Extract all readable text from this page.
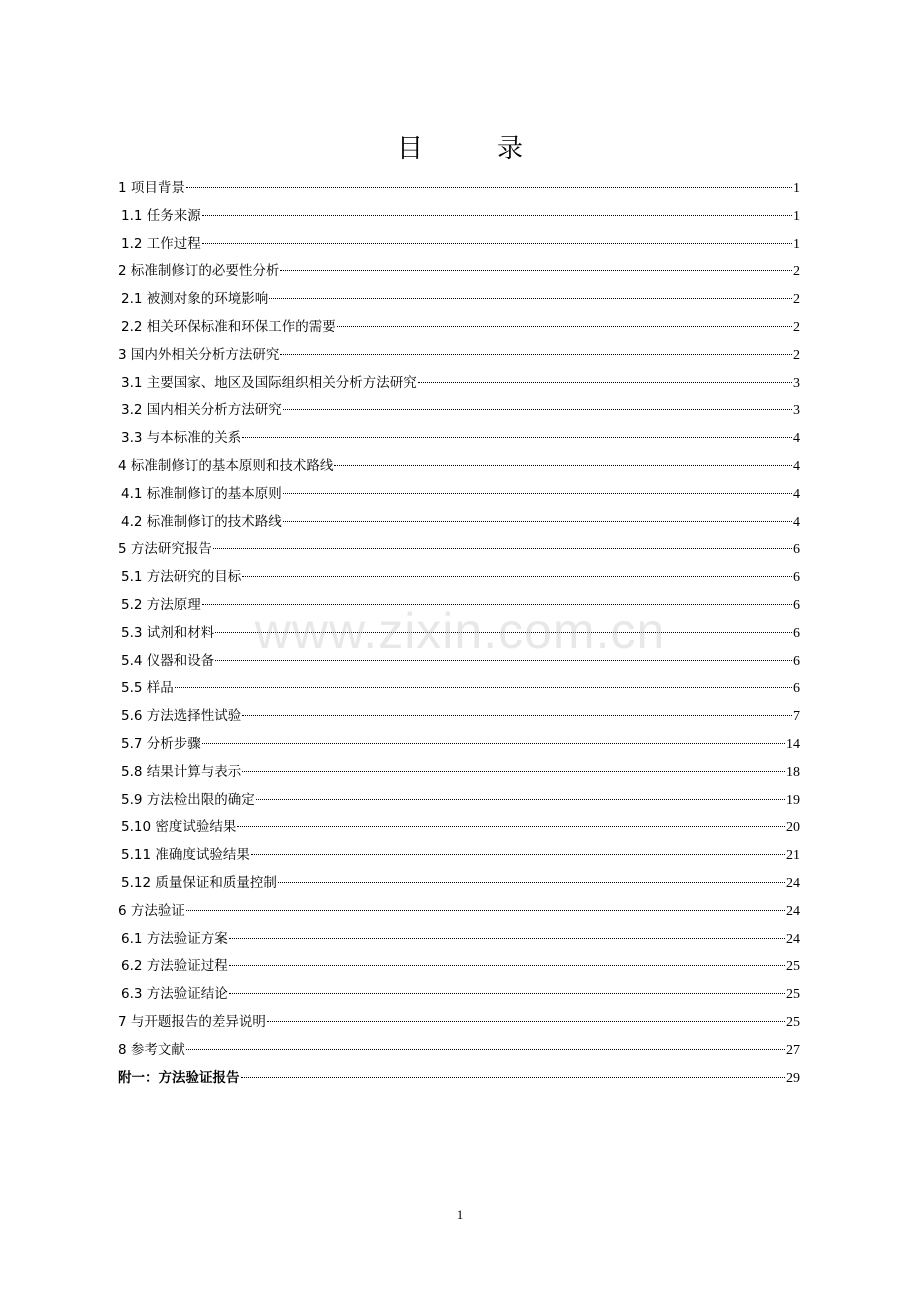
目　录
1 项目背景	1
1.1 任务来源	1
1.2 工作过程	1
2 标准制修订的必要性分析	2
2.1 被测对象的环境影响	2
2.2 相关环保标准和环保工作的需要	2
3 国内外相关分析方法研究	2
3.1 主要国家、地区及国际组织相关分析方法研究	3
3.2 国内相关分析方法研究	3
3.3 与本标准的关系	4
4 标准制修订的基本原则和技术路线	4
4.1 标准制修订的基本原则	4
4.2 标准制修订的技术路线	4
5 方法研究报告	6
5.1 方法研究的目标	6
5.2 方法原理	6
5.3 试剂和材料	6
5.4 仪器和设备	6
5.5 样品	6
5.6 方法选择性试验	7
5.7 分析步骤	14
5.8 结果计算与表示	18
5.9 方法检出限的确定	19
5.10 密度试验结果	20
5.11 准确度试验结果	21
5.12 质量保证和质量控制	24
6 方法验证	24
6.1 方法验证方案	24
6.2 方法验证过程	25
6.3 方法验证结论	25
7 与开题报告的差异说明	25
8 参考文献	27
附一：方法验证报告	29
www.zixin.com.cn
1
